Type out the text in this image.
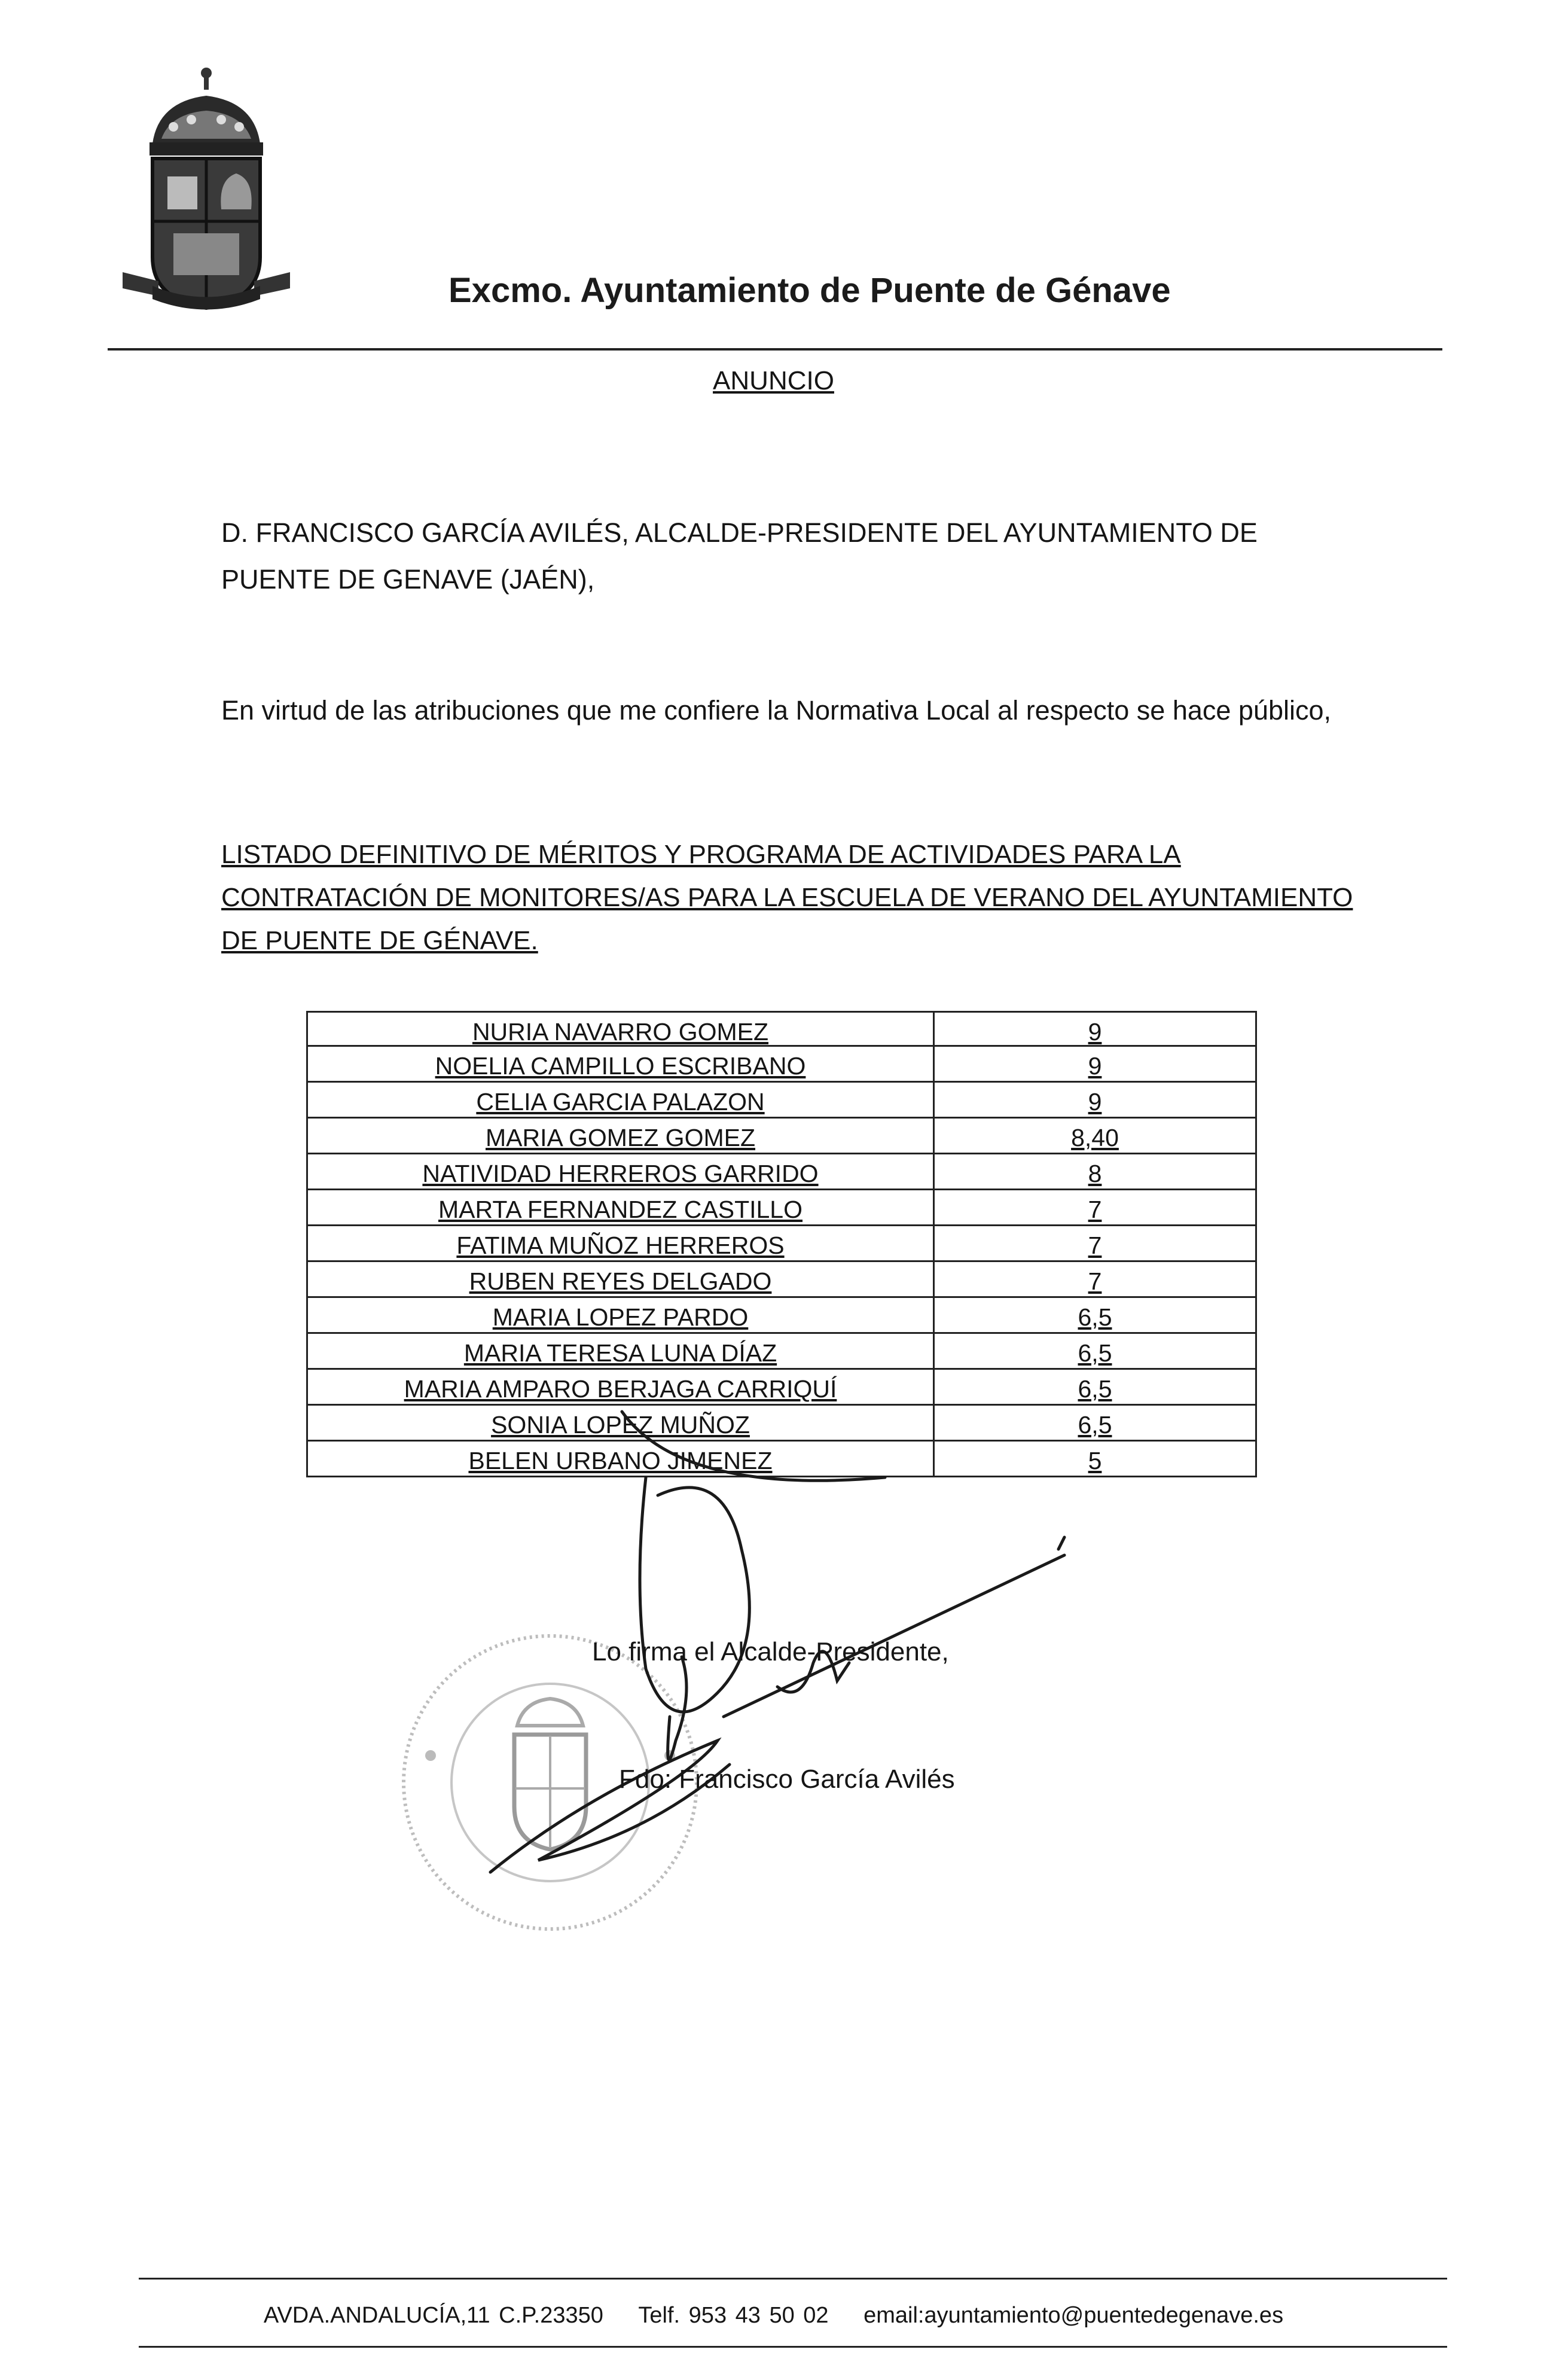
Excmo. Ayuntamiento de Puente de Génave
ANUNCIO
D. FRANCISCO GARCÍA AVILÉS, ALCALDE-PRESIDENTE DEL AYUNTAMIENTO DE PUENTE DE GENAVE (JAÉN),
En virtud de las atribuciones que me confiere la Normativa Local al respecto se hace público,
LISTADO DEFINITIVO DE MÉRITOS Y PROGRAMA DE ACTIVIDADES PARA LA CONTRATACIÓN DE MONITORES/AS PARA LA ESCUELA DE VERANO DEL AYUNTAMIENTO DE PUENTE DE GÉNAVE.
NURIA NAVARRO GOMEZ	9
NOELIA CAMPILLO ESCRIBANO	9
CELIA GARCIA PALAZON	9
MARIA GOMEZ GOMEZ	8,40
NATIVIDAD HERREROS GARRIDO	8
MARTA FERNANDEZ CASTILLO	7
FATIMA MUÑOZ HERREROS	7
RUBEN REYES DELGADO	7
MARIA LOPEZ PARDO	6,5
MARIA TERESA LUNA DÍAZ	6,5
MARIA AMPARO BERJAGA CARRIQUÍ	6,5
SONIA LOPEZ MUÑOZ	6,5
BELEN URBANO JIMENEZ	5
Lo firma el Alcalde-Presidente,
Fdo: Francisco García Avilés
AVDA.ANDALUCÍA,11 C.P.23350 Telf. 953 43 50 02 email:ayuntamiento@puentedegenave.es
